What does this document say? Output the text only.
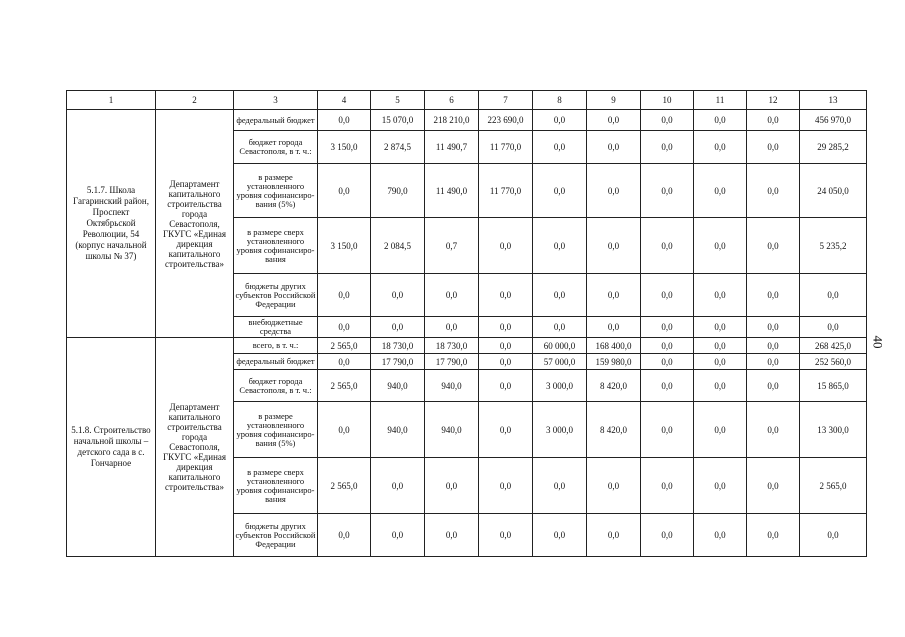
1	2	3	4	5	6	7	8	9	10	11	12	13
5.1.7. Школа Гагаринский район, Проспект Октябрьской Революции, 54 (корпус начальной школы № 37)	Департамент капитального строительства города Севастополя, ГКУГС «Единая дирекция капитального строительства»	федеральный бюджет	0,0	15 070,0	218 210,0	223 690,0	0,0	0,0	0,0	0,0	0,0	456 970,0
		бюджет города Севастополя, в т. ч.:	3 150,0	2 874,5	11 490,7	11 770,0	0,0	0,0	0,0	0,0	0,0	29 285,2
		в размере установленного уровня софинансиро-вания (5%)	0,0	790,0	11 490,0	11 770,0	0,0	0,0	0,0	0,0	0,0	24 050,0
		в размере сверх установленного уровня софинансиро-вания	3 150,0	2 084,5	0,7	0,0	0,0	0,0	0,0	0,0	0,0	5 235,2
		бюджеты других субъектов Российской Федерации	0,0	0,0	0,0	0,0	0,0	0,0	0,0	0,0	0,0	0,0
		внебюджетные средства	0,0	0,0	0,0	0,0	0,0	0,0	0,0	0,0	0,0	0,0
5.1.8. Строительство начальной школы – детского сада в с. Гончарное	Департамент капитального строительства города Севастополя, ГКУГС «Единая дирекция капитального строительства»	всего, в т. ч.:	2 565,0	18 730,0	18 730,0	0,0	60 000,0	168 400,0	0,0	0,0	0,0	268 425,0
		федеральный бюджет	0,0	17 790,0	17 790,0	0,0	57 000,0	159 980,0	0,0	0,0	0,0	252 560,0
		бюджет города Севастополя, в т. ч.:	2 565,0	940,0	940,0	0,0	3 000,0	8 420,0	0,0	0,0	0,0	15 865,0
		в размере установленного уровня софинансиро-вания (5%)	0,0	940,0	940,0	0,0	3 000,0	8 420,0	0,0	0,0	0,0	13 300,0
		в размере сверх установленного уровня софинансиро-вания	2 565,0	0,0	0,0	0,0	0,0	0,0	0,0	0,0	0,0	2 565,0
		бюджеты других субъектов Российской Федерации	0,0	0,0	0,0	0,0	0,0	0,0	0,0	0,0	0,0	0,0
40
